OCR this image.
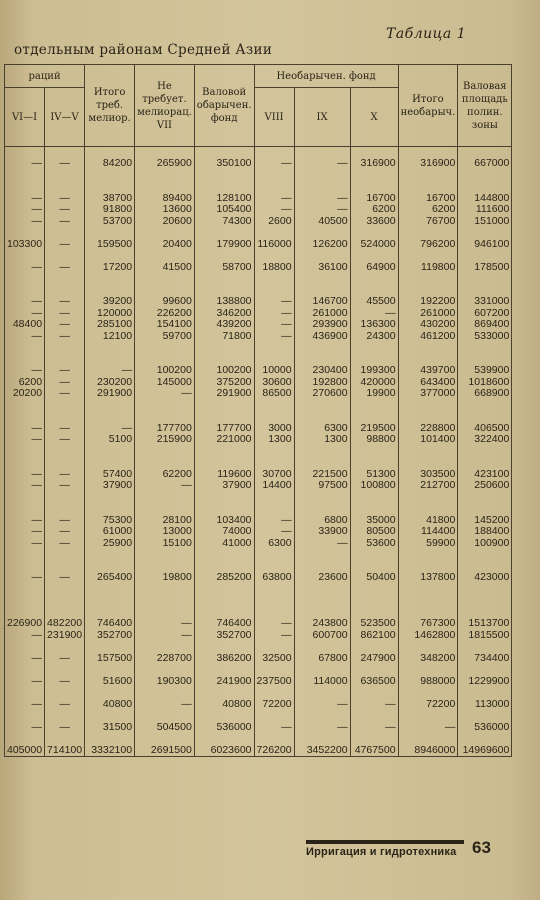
Таблица 1
отдельным районам Средней Азии
раций		Итого треб. мелиор.	Не требует. мелиорац. VII	Валовой обарычен. фонд	Необарычен. фонд			Итого необарыч.	Валовая площадь полин. зоны
VI—I	IV—V				VIII	IX	X		

—	—	84200	265900	350100	—	—	316900	316900	667000

—	—	38700	89400	128100	—	—	16700	16700	144800
—	—	91800	13600	105400	—	—	6200	6200	111600
—	—	53700	20600	74300	2600	40500	33600	76700	151000

103300	—	159500	20400	179900	116000	126200	524000	796200	946100

—	—	17200	41500	58700	18800	36100	64900	119800	178500

—	—	39200	99600	138800	—	146700	45500	192200	331000
—	—	120000	226200	346200	—	261000	—	261000	607200
48400	—	285100	154100	439200	—	293900	136300	430200	869400
—	—	12100	59700	71800	—	436900	24300	461200	533000

—	—	—	100200	100200	10000	230400	199300	439700	539900
6200	—	230200	145000	375200	30600	192800	420000	643400	1018600
20200	—	291900	—	291900	86500	270600	19900	377000	668900

—	—	—	177700	177700	3000	6300	219500	228800	406500
—	—	5100	215900	221000	1300	1300	98800	101400	322400

—	—	57400	62200	119600	30700	221500	51300	303500	423100
—	—	37900	—	37900	14400	97500	100800	212700	250600

—	—	75300	28100	103400	—	6800	35000	41800	145200
—	—	61000	13000	74000	—	33900	80500	114400	188400
—	—	25900	15100	41000	6300	—	53600	59900	100900

—	—	265400	19800	285200	63800	23600	50400	137800	423000

226900	482200	746400	—	746400	—	243800	523500	767300	1513700
—	231900	352700	—	352700	—	600700	862100	1462800	1815500

—	—	157500	228700	386200	32500	67800	247900	348200	734400

—	—	51600	190300	241900	237500	114000	636500	988000	1229900

—	—	40800	—	40800	72200	—	—	72200	113000

—	—	31500	504500	536000	—	—	—	—	536000

405000	714100	3332100	2691500	6023600	726200	3452200	4767500	8946000	14969600
Ирригация и гидротехника 63
